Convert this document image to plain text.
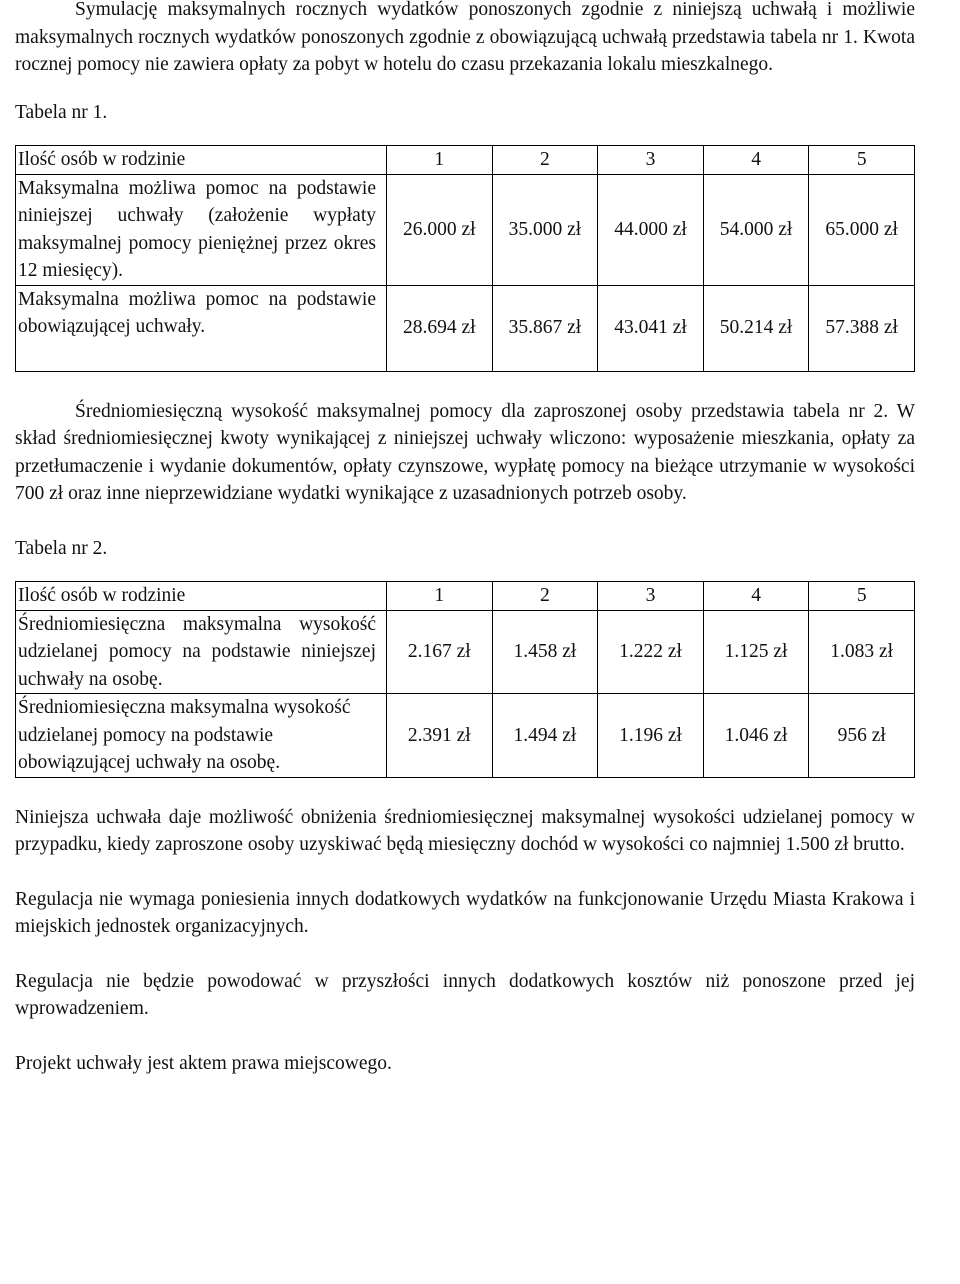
Symulację maksymalnych rocznych wydatków ponoszonych zgodnie z niniejszą uchwałą i możliwie maksymalnych rocznych wydatków ponoszonych zgodnie z obowiązującą uchwałą przedstawia tabela nr 1. Kwota rocznej pomocy nie zawiera opłaty za pobyt w hotelu do czasu przekazania lokalu mieszkalnego.

Tabela nr 1.

Ilość osób w rodzinie	1	2	3	4	5
Maksymalna możliwa pomoc na podstawie niniejszej uchwały (założenie wypłaty maksymalnej pomocy pieniężnej przez okres 12 miesięcy).	26.000 zł	35.000 zł	44.000 zł	54.000 zł	65.000 zł
Maksymalna możliwa pomoc na podstawie obowiązującej uchwały.	28.694 zł	35.867 zł	43.041 zł	50.214 zł	57.388 zł

Średniomiesięczną wysokość maksymalnej pomocy dla zaproszonej osoby przedstawia tabela nr 2. W skład średniomiesięcznej kwoty wynikającej z niniejszej uchwały wliczono: wyposażenie mieszkania, opłaty za przetłumaczenie i wydanie dokumentów, opłaty czynszowe, wypłatę pomocy na bieżące utrzymanie w wysokości 700 zł oraz inne nieprzewidziane wydatki wynikające z uzasadnionych potrzeb osoby.

Tabela nr 2.

Ilość osób w rodzinie	1	2	3	4	5
Średniomiesięczna maksymalna wysokość udzielanej pomocy na podstawie niniejszej uchwały na osobę.	2.167 zł	1.458 zł	1.222 zł	1.125 zł	1.083 zł
Średniomiesięczna maksymalna wysokość udzielanej pomocy na podstawie obowiązującej uchwały na osobę.	2.391 zł	1.494 zł	1.196 zł	1.046 zł	956 zł

Niniejsza uchwała daje możliwość obniżenia średniomiesięcznej maksymalnej wysokości udzielanej pomocy w przypadku, kiedy zaproszone osoby uzyskiwać będą miesięczny dochód w wysokości co najmniej 1.500 zł brutto.

Regulacja nie wymaga poniesienia innych dodatkowych wydatków na funkcjonowanie Urzędu Miasta Krakowa i miejskich jednostek organizacyjnych.

Regulacja nie będzie powodować w przyszłości innych dodatkowych kosztów niż ponoszone przed jej wprowadzeniem.

Projekt uchwały jest aktem prawa miejscowego.
